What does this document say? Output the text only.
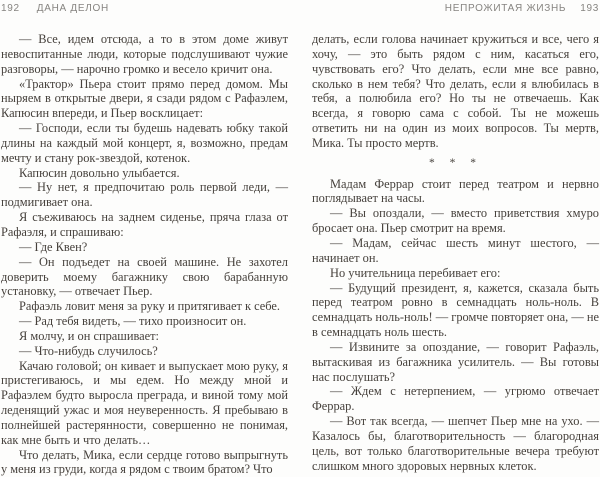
192 ДАНА ДЕЛОН

— Все, идем отсюда, а то в этом доме живут невоспитанные люди, которые подслушивают чужие разговоры, — нарочно громко и весело кричит она.

«Трактор» Пьера стоит прямо перед домом. Мы ныряем в открытые двери, я сзади рядом с Рафаэлем, Капюсин впереди, и Пьер восклицает:

— Господи, если ты будешь надевать юбку такой длины на каждый мой концерт, я, возможно, предам мечту и стану рок-звездой, котенок.

Капюсин довольно улыбается.

— Ну нет, я предпочитаю роль первой леди, — подмигивает она.

Я съеживаюсь на заднем сиденье, пряча глаза от Рафаэля, и спрашиваю:

— Где Квен?

— Он подъедет на своей машине. Не захотел доверить моему багажнику свою барабанную установку, — отвечает Пьер.

Рафаэль ловит меня за руку и притягивает к себе.

— Рад тебя видеть, — тихо произносит он.

Я молчу, и он спрашивает:

— Что-нибудь случилось?

Качаю головой; он кивает и выпускает мою руку, я пристегиваюсь, и мы едем. Но между мной и Рафаэлем будто выросла преграда, и виной тому мой леденящий ужас и моя неуверенность. Я пребываю в полнейшей растерянности, совершенно не понимая, как мне быть и что делать…

Что делать, Мика, если сердце готово выпрыгнуть у меня из груди, когда я рядом с твоим братом? Что

НЕПРОЖИТАЯ ЖИЗНЬ 193

делать, если голова начинает кружиться и все, чего я хочу, — это быть рядом с ним, касаться его, чувствовать его? Что делать, если мне все равно, сколько в нем тебя? Что делать, если я влюбилась в тебя, а полюбила его? Но ты не отвечаешь. Как всегда, я говорю сама с собой. Ты не можешь ответить ни на один из моих вопросов. Ты мертв, Мика. Ты просто мертв.

* * *

Мадам Феррар стоит перед театром и нервно поглядывает на часы.

— Вы опоздали, — вместо приветствия хмуро бросает она. Пьер смотрит на время.

— Мадам, сейчас шесть минут шестого, — начинает он.

Но учительница перебивает его:

— Будущий президент, я, кажется, сказала быть перед театром ровно в семнадцать ноль-ноль. В семнадцать ноль-ноль! — громче повторяет она, — не в семнадцать ноль шесть.

— Извините за опоздание, — говорит Рафаэль, вытаскивая из багажника усилитель. — Вы готовы нас послушать?

— Ждем с нетерпением, — угрюмо отвечает Феррар.

— Вот так всегда, — шепчет Пьер мне на ухо. — Казалось бы, благотворительность — благородная цель, вот только благотворительные вечера требуют слишком много здоровых нервных клеток.
